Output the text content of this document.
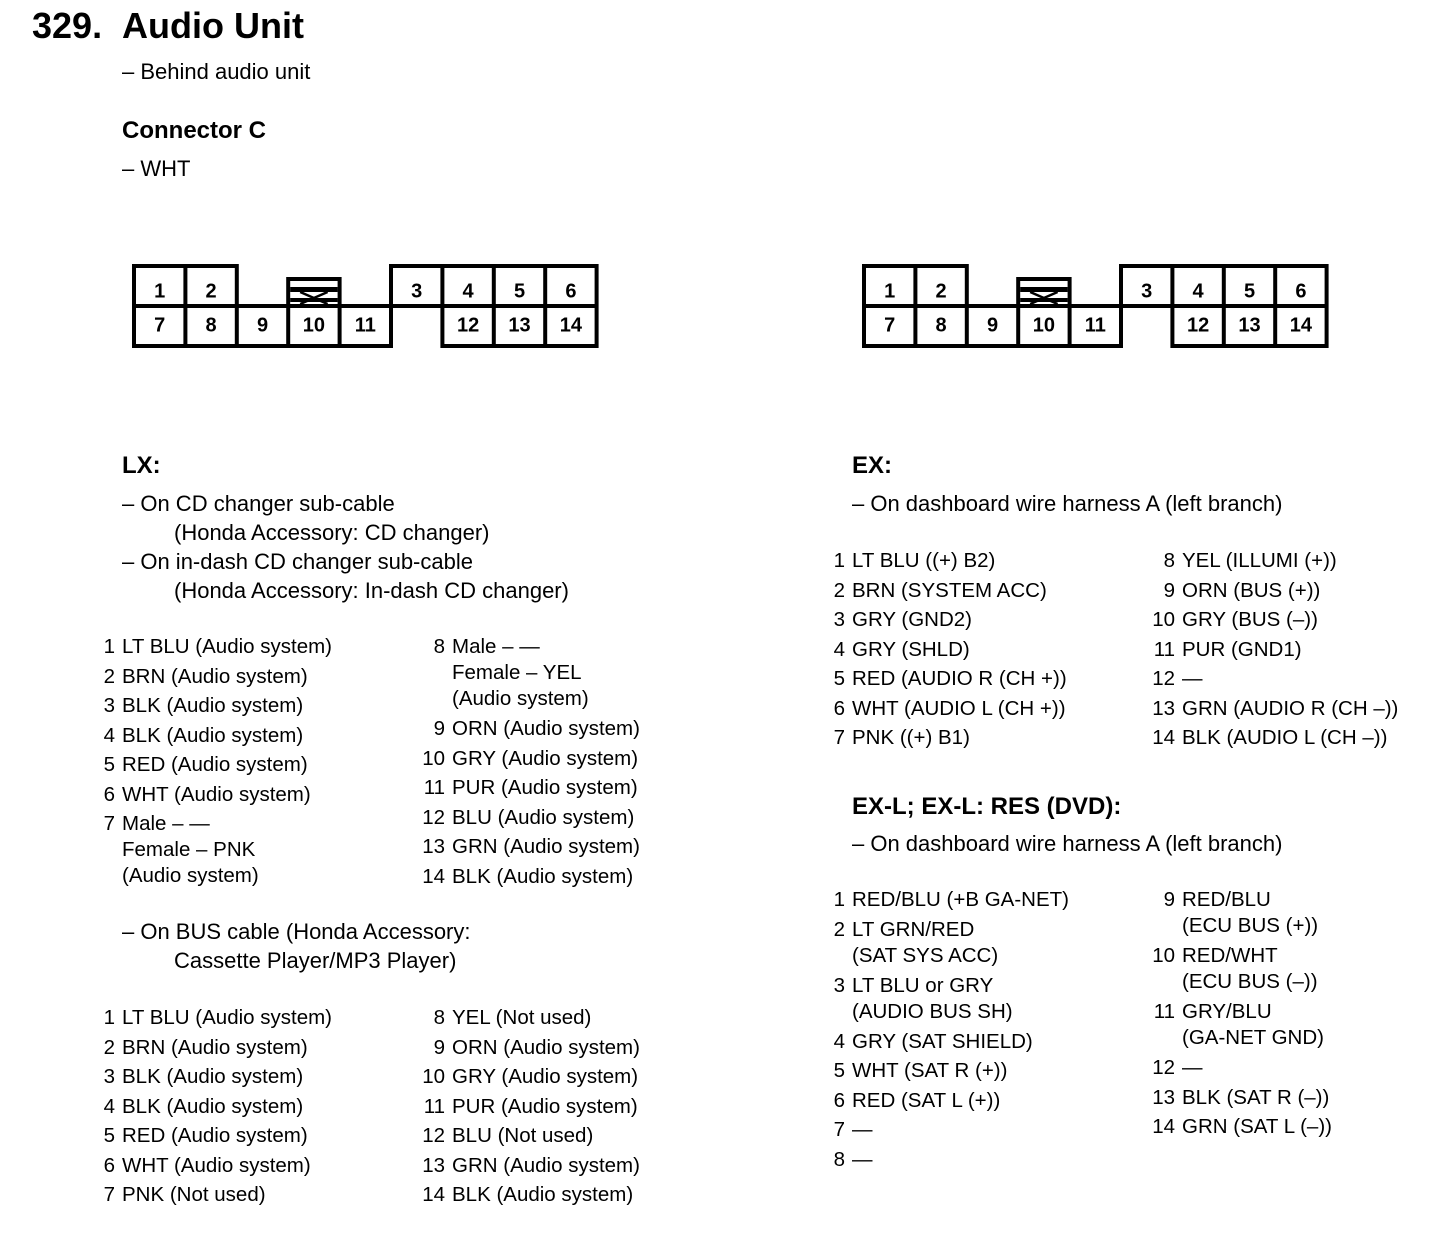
329. Audio Unit
– Behind audio unit
Connector C
– WHT
1 2	3 4 5 6
7 8 9 10 11	12 13 14
1 2	3 4 5 6
7 8 9 10 11	12 13 14
LX:
– On CD changer sub-cable
(Honda Accessory: CD changer)
– On in-dash CD changer sub-cable
(Honda Accessory: In-dash CD changer)
1 LT BLU (Audio system)
2 BRN (Audio system)
3 BLK (Audio system)
4 BLK (Audio system)
5 RED (Audio system)
6 WHT (Audio system)
7 Male – —
Female – PNK
(Audio system)
8 Male – —
Female – YEL
(Audio system)
9 ORN (Audio system)
10 GRY (Audio system)
11 PUR (Audio system)
12 BLU (Audio system)
13 GRN (Audio system)
14 BLK (Audio system)
– On BUS cable (Honda Accessory:
Cassette Player/MP3 Player)
1 LT BLU (Audio system)
2 BRN (Audio system)
3 BLK (Audio system)
4 BLK (Audio system)
5 RED (Audio system)
6 WHT (Audio system)
7 PNK (Not used)
8 YEL (Not used)
9 ORN (Audio system)
10 GRY (Audio system)
11 PUR (Audio system)
12 BLU (Not used)
13 GRN (Audio system)
14 BLK (Audio system)
EX:
– On dashboard wire harness A (left branch)
1 LT BLU ((+) B2)
2 BRN (SYSTEM ACC)
3 GRY (GND2)
4 GRY (SHLD)
5 RED (AUDIO R (CH +))
6 WHT (AUDIO L (CH +))
7 PNK ((+) B1)
8 YEL (ILLUMI (+))
9 ORN (BUS (+))
10 GRY (BUS (–))
11 PUR (GND1)
12 —
13 GRN (AUDIO R (CH –))
14 BLK (AUDIO L (CH –))
EX-L; EX-L: RES (DVD):
– On dashboard wire harness A (left branch)
1 RED/BLU (+B GA-NET)
2 LT GRN/RED
(SAT SYS ACC)
3 LT BLU or GRY
(AUDIO BUS SH)
4 GRY (SAT SHIELD)
5 WHT (SAT R (+))
6 RED (SAT L (+))
7 —
8 —
9 RED/BLU
(ECU BUS (+))
10 RED/WHT
(ECU BUS (–))
11 GRY/BLU
(GA-NET GND)
12 —
13 BLK (SAT R (–))
14 GRN (SAT L (–))
